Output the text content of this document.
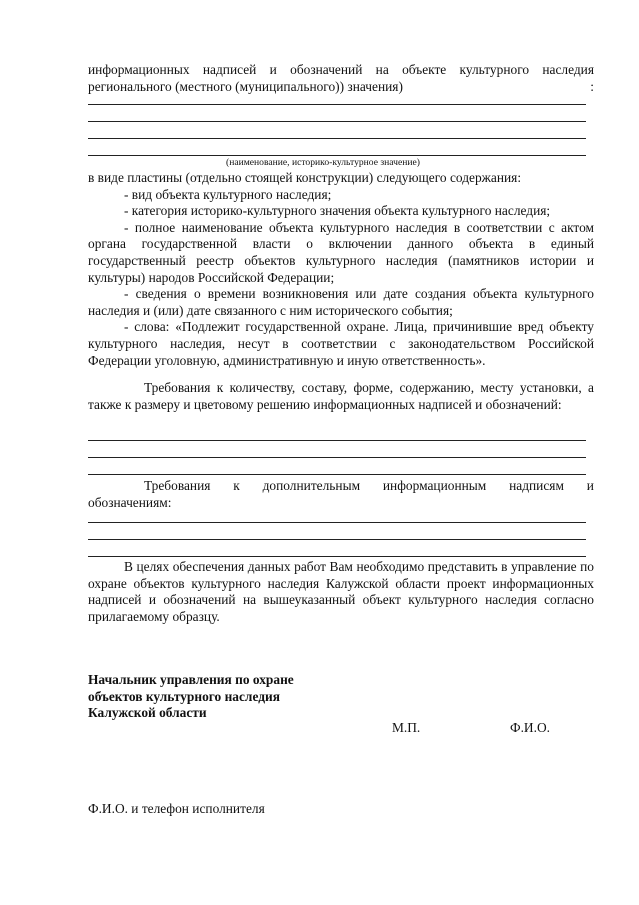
информационных надписей и обозначений на объекте культурного наследия
регионального (местного (муниципального)) значения)	:
(наименование, историко-культурное значение)
в виде пластины (отдельно стоящей конструкции) следующего содержания:
- вид объекта культурного наследия;
- категория историко-культурного значения объекта культурного наследия;
- полное наименование объекта культурного наследия в соответствии с актом органа государственной власти о включении данного объекта в единый государственный реестр объектов культурного наследия (памятников истории и культуры) народов Российской Федерации;
- сведения о времени возникновения или дате создания объекта культурного наследия и (или) дате связанного с ним исторического события;
- слова: «Подлежит государственной охране. Лица, причинившие вред объекту культурного наследия, несут в соответствии с законодательством Российской Федерации уголовную, административную и иную ответственность».
Требования к количеству, составу, форме, содержанию, месту установки, а также к размеру и цветовому решению информационных надписей и обозначений:
Требования к дополнительным информационным надписям и
обозначениям:
В целях обеспечения данных работ Вам необходимо представить в управление по охране объектов культурного наследия Калужской области проект информационных надписей и обозначений на вышеуказанный объект культурного наследия согласно прилагаемому образцу.
Начальник управления по охране
объектов культурного наследия
Калужской области
М.П.	Ф.И.О.
Ф.И.О. и телефон исполнителя
